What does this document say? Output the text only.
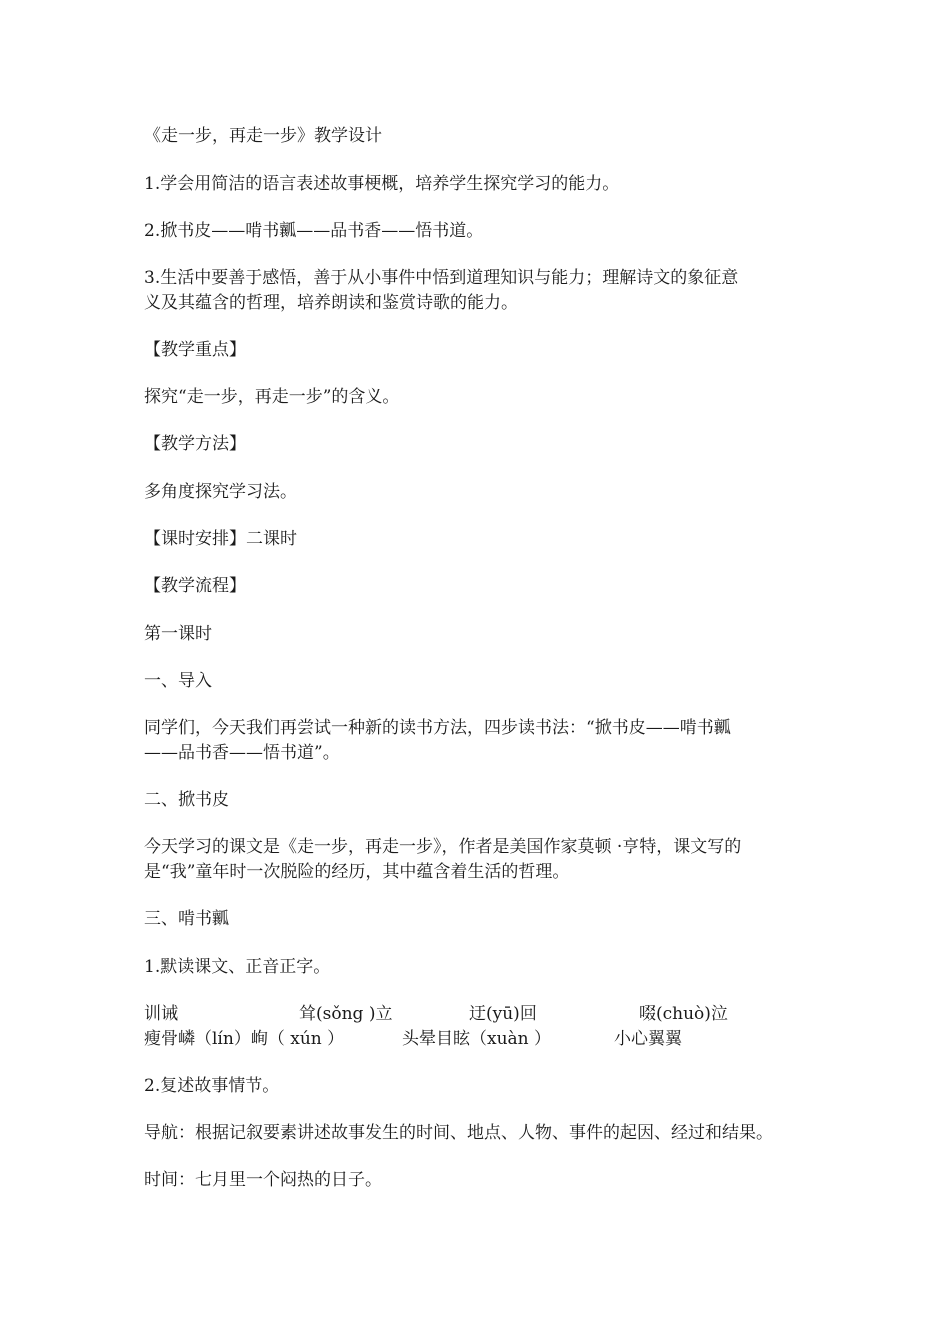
《走一步，再走一步》教学设计
1.学会用简洁的语言表述故事梗概，培养学生探究学习的能力。
2.掀书皮——啃书瓤——品书香——悟书道。
3.生活中要善于感悟，善于从小事件中悟到道理知识与能力；理解诗文的象征意
义及其蕴含的哲理，培养朗读和鉴赏诗歌的能力。
【教学重点】
探究“走一步，再走一步”的含义。
【教学方法】
多角度探究学习法。
【课时安排】二课时
【教学流程】
第一课时
一、导入
同学们，今天我们再尝试一种新的读书方法，四步读书法：“掀书皮——啃书瓤
——品书香——悟书道”。
二、掀书皮
今天学习的课文是《走一步，再走一步》，作者是美国作家莫顿 ·亨特，课文写的
是“我”童年时一次脱险的经历，其中蕴含着生活的哲理。
三、啃书瓤
1.默读课文、正音正字。
训诫	耸(sǒng )立	迂(yū)回	啜(chuò)泣
瘦骨嶙（lín）峋（ xún ）	头晕目眩（xuàn ）	小心翼翼
2.复述故事情节。
导航：根据记叙要素讲述故事发生的时间、地点、人物、事件的起因、经过和结果。
时间：七月里一个闷热的日子。
